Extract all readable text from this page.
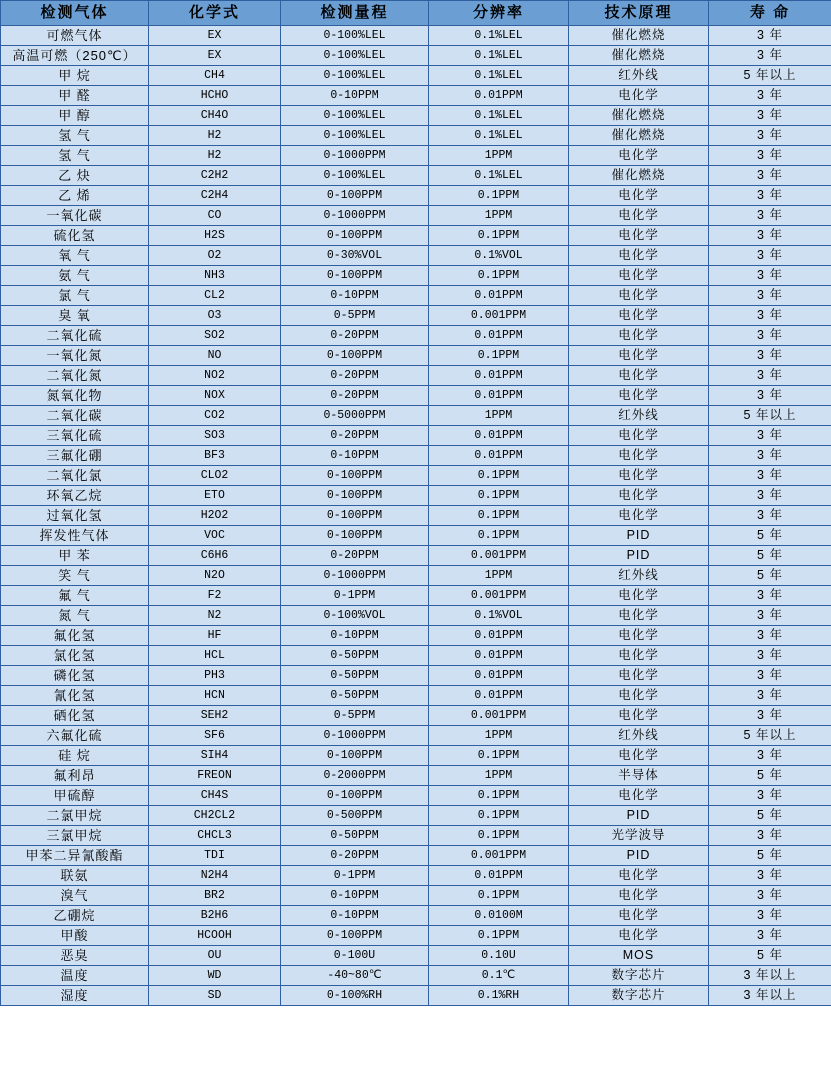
检测气体	化学式	检测量程	分辨率	技术原理	寿 命
可燃气体	EX	0-100%LEL	0.1%LEL	催化燃烧	3 年
高温可燃（250℃）	EX	0-100%LEL	0.1%LEL	催化燃烧	3 年
甲 烷	CH4	0-100%LEL	0.1%LEL	红外线	5 年以上
甲 醛	HCHO	0-10PPM	0.01PPM	电化学	3 年
甲 醇	CH4O	0-100%LEL	0.1%LEL	催化燃烧	3 年
氢 气	H2	0-100%LEL	0.1%LEL	催化燃烧	3 年
氢 气	H2	0-1000PPM	1PPM	电化学	3 年
乙 炔	C2H2	0-100%LEL	0.1%LEL	催化燃烧	3 年
乙 烯	C2H4	0-100PPM	0.1PPM	电化学	3 年
一氧化碳	CO	0-1000PPM	1PPM	电化学	3 年
硫化氢	H2S	0-100PPM	0.1PPM	电化学	3 年
氧 气	O2	0-30%VOL	0.1%VOL	电化学	3 年
氨 气	NH3	0-100PPM	0.1PPM	电化学	3 年
氯 气	CL2	0-10PPM	0.01PPM	电化学	3 年
臭 氧	O3	0-5PPM	0.001PPM	电化学	3 年
二氧化硫	SO2	0-20PPM	0.01PPM	电化学	3 年
一氧化氮	NO	0-100PPM	0.1PPM	电化学	3 年
二氧化氮	NO2	0-20PPM	0.01PPM	电化学	3 年
氮氧化物	NOX	0-20PPM	0.01PPM	电化学	3 年
二氧化碳	CO2	0-5000PPM	1PPM	红外线	5 年以上
三氧化硫	SO3	0-20PPM	0.01PPM	电化学	3 年
三氟化硼	BF3	0-10PPM	0.01PPM	电化学	3 年
二氧化氯	CLO2	0-100PPM	0.1PPM	电化学	3 年
环氧乙烷	ETO	0-100PPM	0.1PPM	电化学	3 年
过氧化氢	H2O2	0-100PPM	0.1PPM	电化学	3 年
挥发性气体	VOC	0-100PPM	0.1PPM	PID	5 年
甲 苯	C6H6	0-20PPM	0.001PPM	PID	5 年
笑 气	N2O	0-1000PPM	1PPM	红外线	5 年
氟 气	F2	0-1PPM	0.001PPM	电化学	3 年
氮 气	N2	0-100%VOL	0.1%VOL	电化学	3 年
氟化氢	HF	0-10PPM	0.01PPM	电化学	3 年
氯化氢	HCL	0-50PPM	0.01PPM	电化学	3 年
磷化氢	PH3	0-50PPM	0.01PPM	电化学	3 年
氰化氢	HCN	0-50PPM	0.01PPM	电化学	3 年
硒化氢	SEH2	0-5PPM	0.001PPM	电化学	3 年
六氟化硫	SF6	0-1000PPM	1PPM	红外线	5 年以上
硅 烷	SIH4	0-100PPM	0.1PPM	电化学	3 年
氟利昂	FREON	0-2000PPM	1PPM	半导体	5 年
甲硫醇	CH4S	0-100PPM	0.1PPM	电化学	3 年
二氯甲烷	CH2CL2	0-500PPM	0.1PPM	PID	5 年
三氯甲烷	CHCL3	0-50PPM	0.1PPM	光学波导	3 年
甲苯二异氰酸酯	TDI	0-20PPM	0.001PPM	PID	5 年
联氨	N2H4	0-1PPM	0.01PPM	电化学	3 年
溴气	BR2	0-10PPM	0.1PPM	电化学	3 年
乙硼烷	B2H6	0-10PPM	0.0100M	电化学	3 年
甲酸	HCOOH	0-100PPM	0.1PPM	电化学	3 年
恶臭	OU	0-100U	0.10U	MOS	5 年
温度	WD	-40~80℃	0.1℃	数字芯片	3 年以上
湿度	SD	0-100%RH	0.1%RH	数字芯片	3 年以上
